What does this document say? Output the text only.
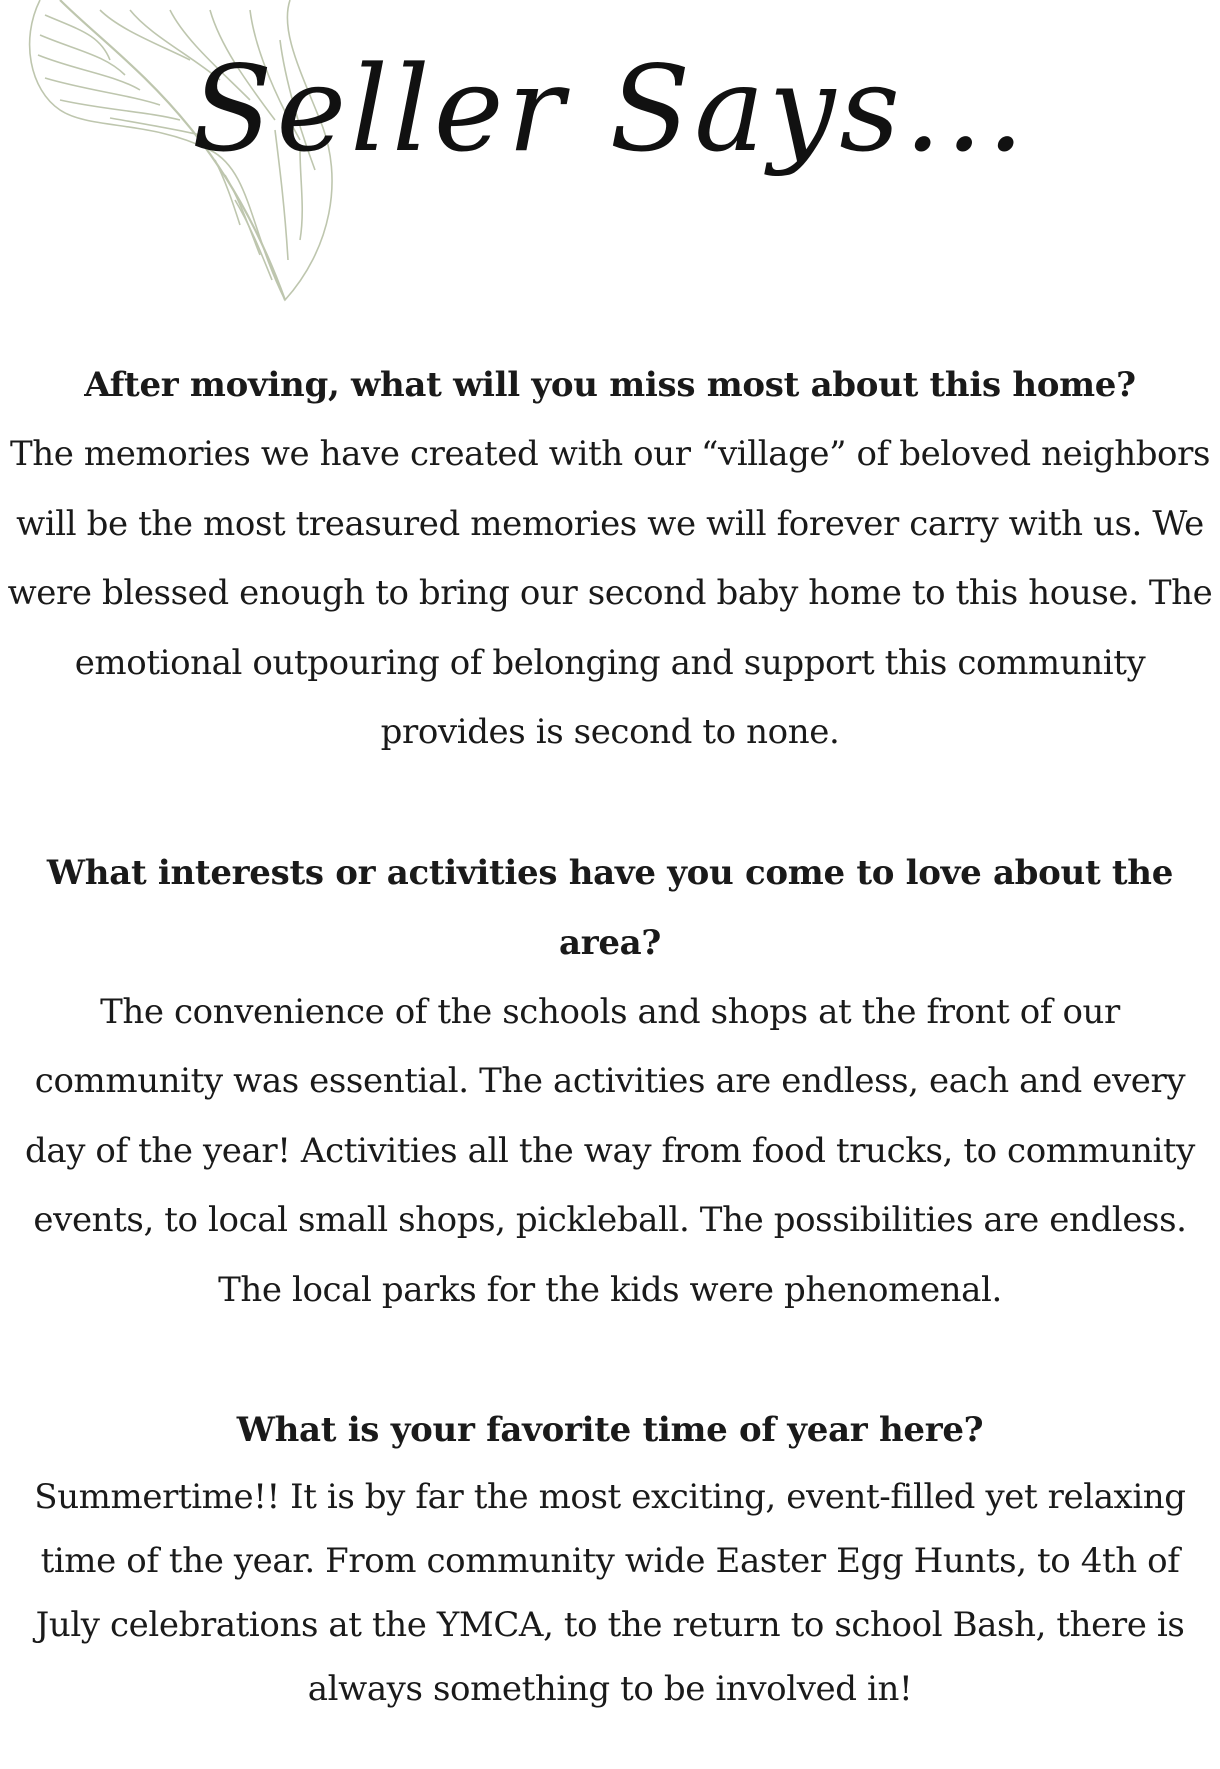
Seller Says...

After moving, what will you miss most about this home?

The memories we have created with our “village” of beloved neighbors will be the most treasured memories we will forever carry with us. We were blessed enough to bring our second baby home to this house. The emotional outpouring of belonging and support this community provides is second to none.

What interests or activities have you come to love about the area?

The convenience of the schools and shops at the front of our community was essential. The activities are endless, each and every day of the year! Activities all the way from food trucks, to community events, to local small shops, pickleball. The possibilities are endless. The local parks for the kids were phenomenal.

What is your favorite time of year here?

Summertime!! It is by far the most exciting, event-filled yet relaxing time of the year. From community wide Easter Egg Hunts, to 4th of July celebrations at the YMCA, to the return to school Bash, there is always something to be involved in!
